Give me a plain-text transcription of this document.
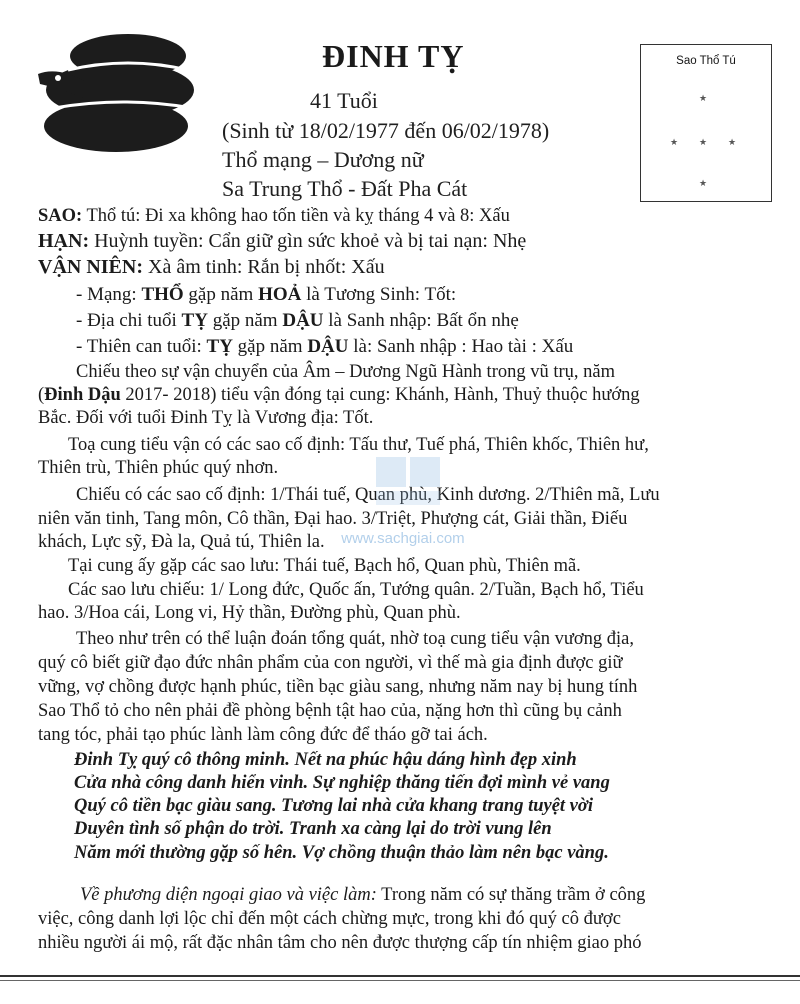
ĐINH TỴ
41 Tuổi
(Sinh từ 18/02/1977 đến 06/02/1978)
Thổ mạng – Dương nữ
Sa Trung Thổ - Đất Pha Cát
Sao Thổ Tú
★
★ ★ ★
★

SAO: Thổ tú: Đi xa không hao tốn tiền và kỵ tháng 4 và 8: Xấu

HẠN: Huỳnh tuyền: Cẩn giữ gìn sức khoẻ và bị tai nạn: Nhẹ

VẬN NIÊN: Xà âm tinh: Rắn bị nhốt: Xấu

- Mạng: THỔ gặp năm HOẢ là Tương Sinh: Tốt:

- Địa chi tuổi TỴ gặp năm DẬU là Sanh nhập: Bất ổn nhẹ

- Thiên can tuổi: TỴ gặp năm DẬU là: Sanh nhập : Hao tài : Xấu

Chiếu theo sự vận chuyển của Âm – Dương Ngũ Hành trong vũ trụ, năm

(Đinh Dậu 2017- 2018) tiểu vận đóng tại cung: Khánh, Hành, Thuỷ thuộc hướng

Bắc. Đối với tuổi Đinh Tỵ là Vương địa: Tốt.

Toạ cung tiểu vận có các sao cố định: Tấu thư, Tuế phá, Thiên khốc, Thiên hư,

Thiên trù, Thiên phúc quý nhơn.

Chiếu có các sao cố định: 1/Thái tuế, Quan phù, Kinh dương. 2/Thiên mã, Lưu

niên văn tinh, Tang môn, Cô thần, Đại hao. 3/Triệt, Phượng cát, Giải thần, Điếu

khách, Lực sỹ, Đà la, Quả tú, Thiên la.

Tại cung ấy gặp các sao lưu: Thái tuế, Bạch hổ, Quan phù, Thiên mã.

Các sao lưu chiếu: 1/ Long đức, Quốc ấn, Tướng quân. 2/Tuần, Bạch hổ, Tiểu

hao. 3/Hoa cái, Long vi, Hỷ thần, Đường phù, Quan phù.

Theo như trên có thể luận đoán tổng quát, nhờ toạ cung tiểu vận vương địa,

quý cô biết giữ đạo đức nhân phẩm của con người, vì thế mà gia định được giữ

vững, vợ chồng được hạnh phúc, tiền bạc giàu sang, nhưng năm nay bị hung tính

Sao Thổ tỏ cho nên phải đề phòng bệnh tật hao của, nặng hơn thì cũng bụ cảnh

tang tóc, phải tạo phúc lành làm công đức để tháo gỡ tai ách.

Đinh Tỵ quý cô thông minh. Nết na phúc hậu dáng hình đẹp xinh

Cửa nhà công danh hiển vinh. Sự nghiệp thăng tiến đợi mình vẻ vang

Quý cô tiền bạc giàu sang. Tương lai nhà cửa khang trang tuyệt vời

Duyên tình số phận do trời. Tranh xa càng lại do trời vung lên

Năm mới thường gặp số hên. Vợ chồng thuận thảo làm nên bạc vàng.

Về phương diện ngoại giao và việc làm: Trong năm có sự thăng trầm ở công

việc, công danh lợi lộc chỉ đến một cách chừng mực, trong khi đó quý cô được

nhiều người ái mộ, rất đặc nhân tâm cho nên được thượng cấp tín nhiệm giao phó

www.sachgiai.com
